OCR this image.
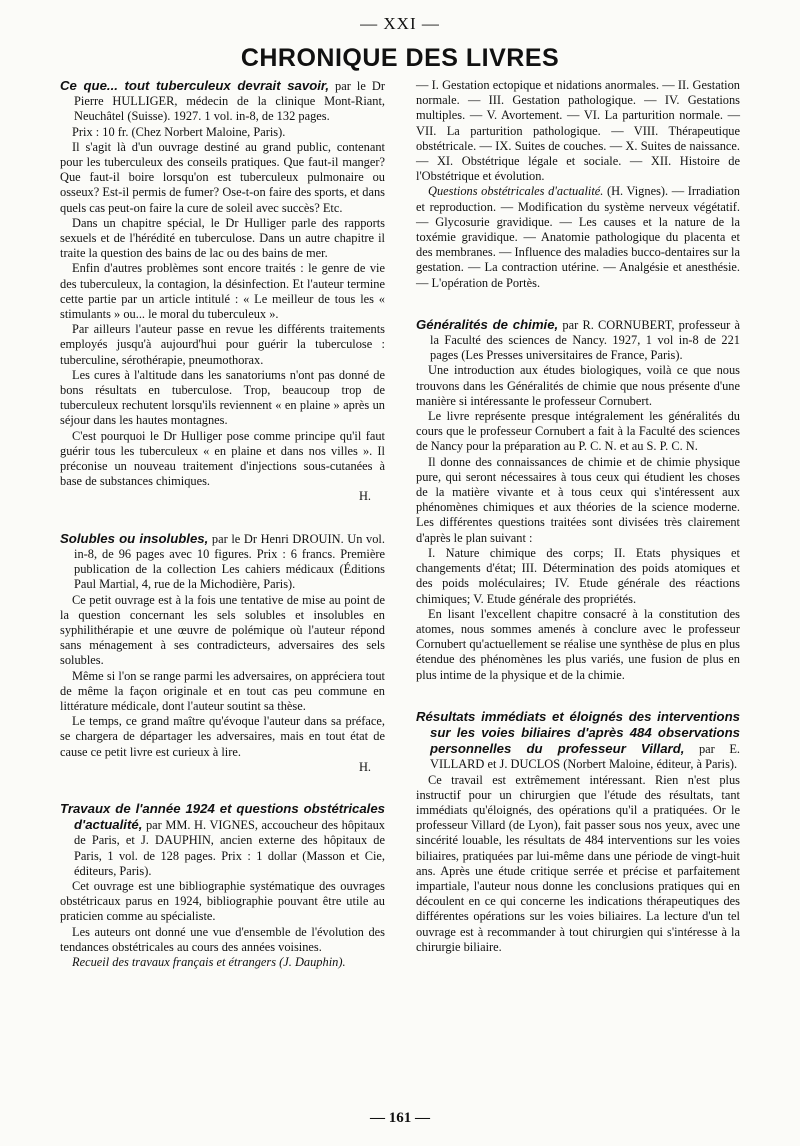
— XXI —
CHRONIQUE DES LIVRES

Ce que... tout tuberculeux devrait savoir, par le Dr Pierre HULLIGER, médecin de la clinique Mont-Riant, Neuchâtel (Suisse). 1927. 1 vol. in-8, de 132 pages.

Prix : 10 fr. (Chez Norbert Maloine, Paris).

Il s'agit là d'un ouvrage destiné au grand public, contenant pour les tuberculeux des conseils pratiques. Que faut-il manger? Que faut-il boire lorsqu'on est tuberculeux pulmonaire ou osseux? Est-il permis de fumer? Ose-t-on faire des sports, et dans quels cas peut-on faire la cure de soleil avec succès? Etc.

Dans un chapitre spécial, le Dr Hulliger parle des rapports sexuels et de l'hérédité en tuberculose. Dans un autre chapitre il traite la question des bains de lac ou des bains de mer.

Enfin d'autres problèmes sont encore traités : le genre de vie des tuberculeux, la contagion, la désinfection. Et l'auteur termine cette partie par un article intitulé : « Le meilleur de tous les « stimulants » ou... le moral du tuberculeux ».

Par ailleurs l'auteur passe en revue les différents traitements employés jusqu'à aujourd'hui pour guérir la tuberculose : tuberculine, sérothérapie, pneumothorax.

Les cures à l'altitude dans les sanatoriums n'ont pas donné de bons résultats en tuberculose. Trop, beaucoup trop de tuberculeux rechutent lorsqu'ils reviennent « en plaine » après un séjour dans les hautes montagnes.

C'est pourquoi le Dr Hulliger pose comme principe qu'il faut guérir tous les tuberculeux « en plaine et dans nos villes ». Il préconise un nouveau traitement d'injections sous-cutanées à base de substances chimiques.

H.

Solubles ou insolubles, par le Dr Henri DROUIN. Un vol. in-8, de 96 pages avec 10 figures. Prix : 6 francs. Première publication de la collection Les cahiers médicaux (Éditions Paul Martial, 4, rue de la Michodière, Paris).

Ce petit ouvrage est à la fois une tentative de mise au point de la question concernant les sels solubles et insolubles en syphilithérapie et une œuvre de polémique où l'auteur répond sans ménagement à ses contradicteurs, adversaires des sels solubles.

Même si l'on se range parmi les adversaires, on appréciera tout de même la façon originale et en tout cas peu commune en littérature médicale, dont l'auteur soutint sa thèse.

Le temps, ce grand maître qu'évoque l'auteur dans sa préface, se chargera de départager les adversaires, mais en tout état de cause ce petit livre est curieux à lire.

H.

Travaux de l'année 1924 et questions obstétricales d'actualité, par MM. H. VIGNES, accoucheur des hôpitaux de Paris, et J. DAUPHIN, ancien externe des hôpitaux de Paris, 1 vol. de 128 pages. Prix : 1 dollar (Masson et Cie, éditeurs, Paris).

Cet ouvrage est une bibliographie systématique des ouvrages obstétricaux parus en 1924, bibliographie pouvant être utile au praticien comme au spécialiste.

Les auteurs ont donné une vue d'ensemble de l'évolution des tendances obstétricales au cours des années voisines.

Recueil des travaux français et étrangers (J. Dauphin).

— I. Gestation ectopique et nidations anormales. — II. Gestation normale. — III. Gestation pathologique. — IV. Gestations multiples. — V. Avortement. — VI. La parturition normale. — VII. La parturition pathologique. — VIII. Thérapeutique obstétricale. — IX. Suites de couches. — X. Suites de naissance. — XI. Obstétrique légale et sociale. — XII. Histoire de l'Obstétrique et évolution.

Questions obstétricales d'actualité. (H. Vignes). — Irradiation et reproduction. — Modification du système nerveux végétatif. — Glycosurie gravidique. — Les causes et la nature de la toxémie gravidique. — Anatomie pathologique du placenta et des membranes. — Influence des maladies bucco-dentaires sur la gestation. — La contraction utérine. — Analgésie et anesthésie. — L'opération de Portès.

Généralités de chimie, par R. CORNUBERT, professeur à la Faculté des sciences de Nancy. 1927, 1 vol in-8 de 221 pages (Les Presses universitaires de France, Paris).

Une introduction aux études biologiques, voilà ce que nous trouvons dans les Généralités de chimie que nous présente d'une manière si intéressante le professeur Cornubert.

Le livre représente presque intégralement les généralités du cours que le professeur Cornubert a fait à la Faculté des sciences de Nancy pour la préparation au P. C. N. et au S. P. C. N.

Il donne des connaissances de chimie et de chimie physique pure, qui seront nécessaires à tous ceux qui étudient les choses de la matière vivante et à tous ceux qui s'intéressent aux phénomènes chimiques et aux théories de la science moderne. Les différentes questions traitées sont divisées très clairement d'après le plan suivant :

I. Nature chimique des corps; II. Etats physiques et changements d'état; III. Détermination des poids atomiques et des poids moléculaires; IV. Etude générale des réactions chimiques; V. Etude générale des propriétés.

En lisant l'excellent chapitre consacré à la constitution des atomes, nous sommes amenés à conclure avec le professeur Cornubert qu'actuellement se réalise une synthèse de plus en plus étendue des phénomènes les plus variés, une fusion de plus en plus intime de la physique et de la chimie.

Résultats immédiats et éloignés des interventions sur les voies biliaires d'après 484 observations personnelles du professeur Villard, par E. VILLARD et J. DUCLOS (Norbert Maloine, éditeur, à Paris).

Ce travail est extrêmement intéressant. Rien n'est plus instructif pour un chirurgien que l'étude des résultats, tant immédiats qu'éloignés, des opérations qu'il a pratiquées. Or le professeur Villard (de Lyon), fait passer sous nos yeux, avec une sincérité louable, les résultats de 484 interventions sur les voies biliaires, pratiquées par lui-même dans une période de vingt-huit ans. Après une étude critique serrée et précise et parfaitement impartiale, l'auteur nous donne les conclusions pratiques qui en découlent en ce qui concerne les indications thérapeutiques des différentes opérations sur les voies biliaires. La lecture d'un tel ouvrage est à recommander à tout chirurgien qui s'intéresse à la chirurgie biliaire.

— 161 —
